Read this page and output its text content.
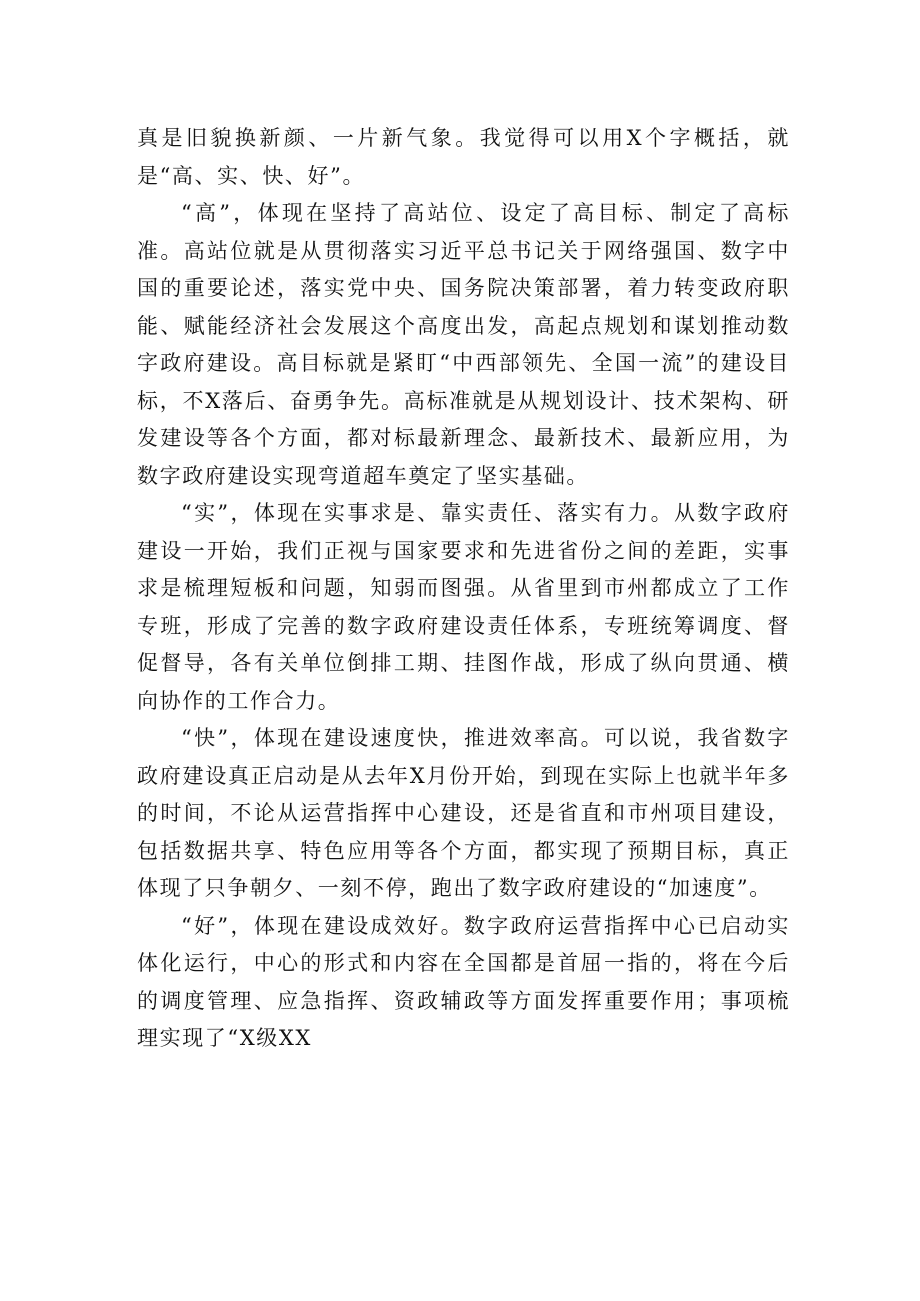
真是旧貌换新颜、一片新气象。我觉得可以用X个字概括，就是“高、实、快、好”。

“高”，体现在坚持了高站位、设定了高目标、制定了高标准。高站位就是从贯彻落实习近平总书记关于网络强国、数字中国的重要论述，落实党中央、国务院决策部署，着力转变政府职能、赋能经济社会发展这个高度出发，高起点规划和谋划推动数字政府建设。高目标就是紧盯“中西部领先、全国一流”的建设目标，不X落后、奋勇争先。高标准就是从规划设计、技术架构、研发建设等各个方面，都对标最新理念、最新技术、最新应用，为数字政府建设实现弯道超车奠定了坚实基础。

“实”，体现在实事求是、靠实责任、落实有力。从数字政府建设一开始，我们正视与国家要求和先进省份之间的差距，实事求是梳理短板和问题，知弱而图强。从省里到市州都成立了工作专班，形成了完善的数字政府建设责任体系，专班统筹调度、督促督导，各有关单位倒排工期、挂图作战，形成了纵向贯通、横向协作的工作合力。

“快”，体现在建设速度快，推进效率高。可以说，我省数字政府建设真正启动是从去年X月份开始，到现在实际上也就半年多的时间，不论从运营指挥中心建设，还是省直和市州项目建设，包括数据共享、特色应用等各个方面，都实现了预期目标，真正体现了只争朝夕、一刻不停，跑出了数字政府建设的“加速度”。

“好”，体现在建设成效好。数字政府运营指挥中心已启动实体化运行，中心的形式和内容在全国都是首屈一指的，将在今后的调度管理、应急指挥、资政辅政等方面发挥重要作用；事项梳理实现了“X级XX
